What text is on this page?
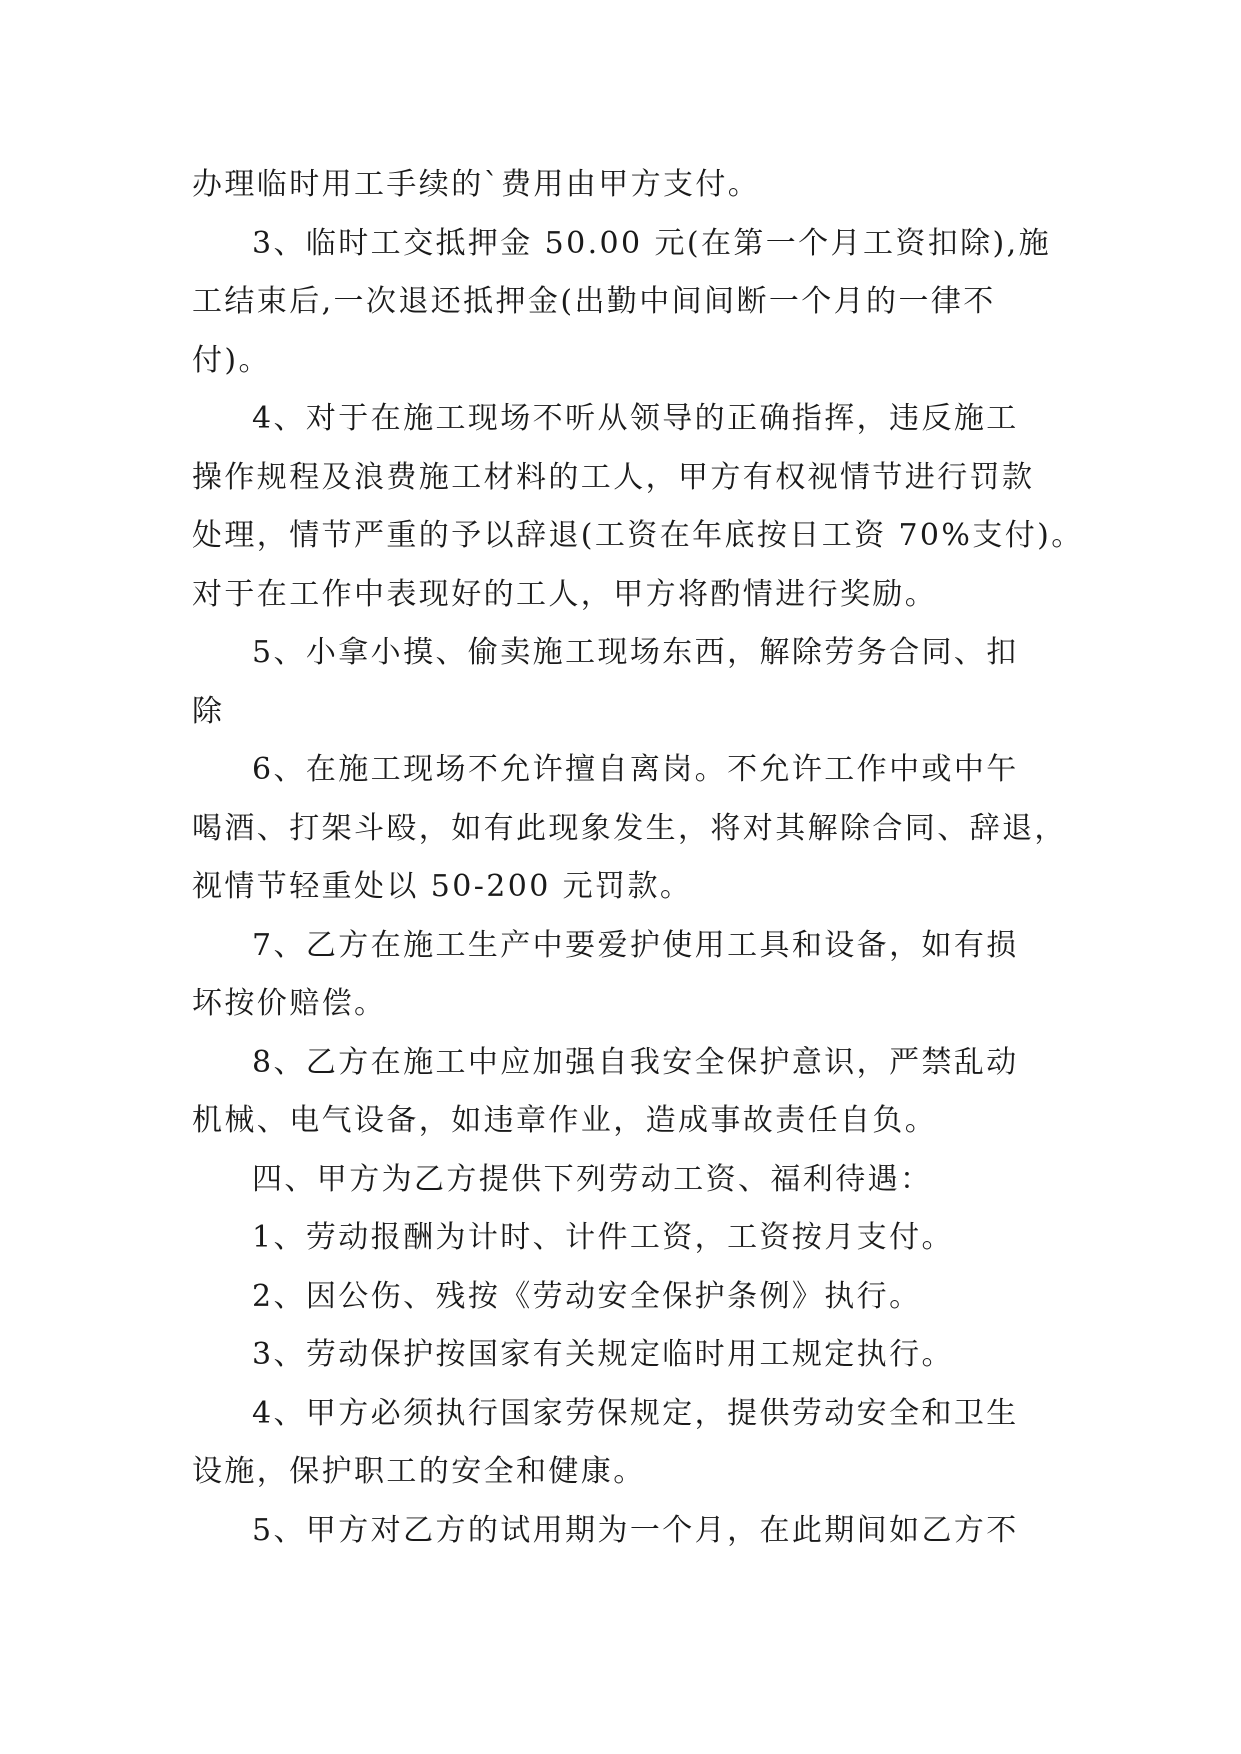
办理临时用工手续的`费用由甲方支付。
3、临时工交抵押金 50.00 元(在第一个月工资扣除),施
工结束后,一次退还抵押金(出勤中间间断一个月的一律不
付)。
4、对于在施工现场不听从领导的正确指挥，违反施工
操作规程及浪费施工材料的工人，甲方有权视情节进行罚款
处理，情节严重的予以辞退(工资在年底按日工资 70%支付)。
对于在工作中表现好的工人，甲方将酌情进行奖励。
5、小拿小摸、偷卖施工现场东西，解除劳务合同、扣
除
6、在施工现场不允许擅自离岗。不允许工作中或中午
喝酒、打架斗殴，如有此现象发生，将对其解除合同、辞退，
视情节轻重处以 50-200 元罚款。
7、乙方在施工生产中要爱护使用工具和设备，如有损
坏按价赔偿。
8、乙方在施工中应加强自我安全保护意识，严禁乱动
机械、电气设备，如违章作业，造成事故责任自负。
四、甲方为乙方提供下列劳动工资、福利待遇：
1、劳动报酬为计时、计件工资，工资按月支付。
2、因公伤、残按《劳动安全保护条例》执行。
3、劳动保护按国家有关规定临时用工规定执行。
4、甲方必须执行国家劳保规定，提供劳动安全和卫生
设施，保护职工的安全和健康。
5、甲方对乙方的试用期为一个月，在此期间如乙方不
